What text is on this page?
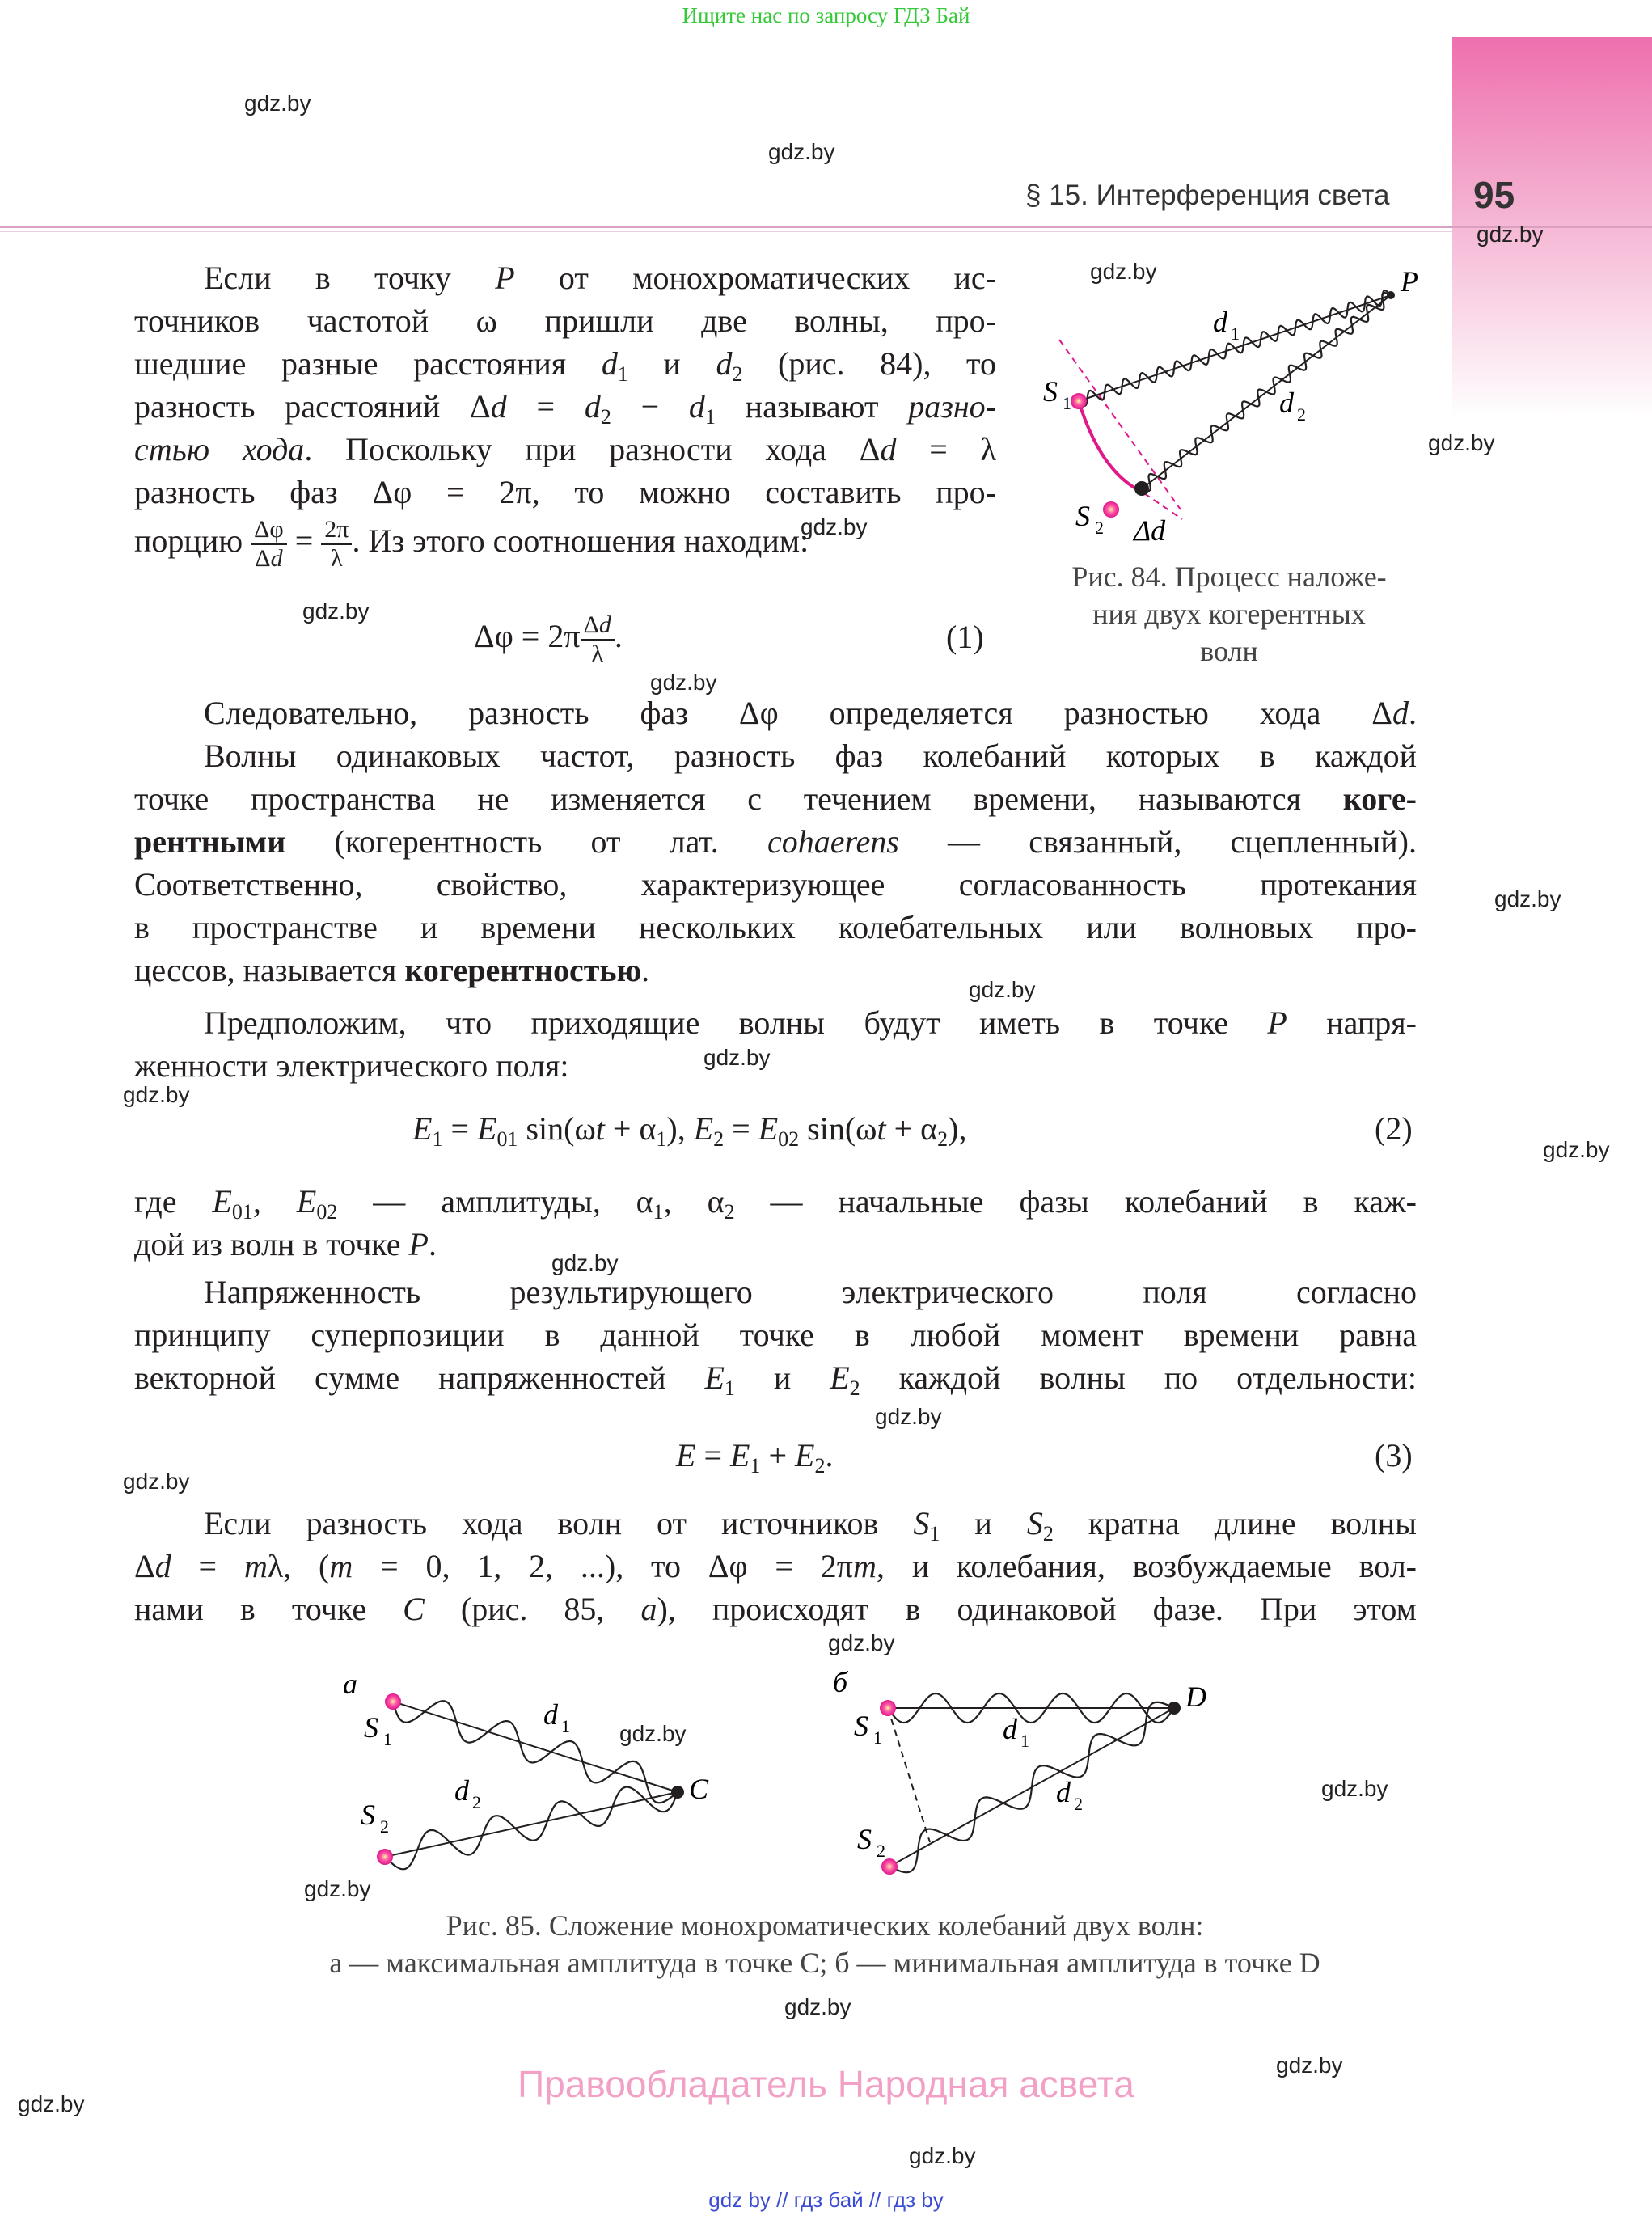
Ищите нас по запросу ГДЗ Бай
§ 15. Интерференция света 95
gdz.by
gdz.by
gdz.by
gdz.by
gdz.by
gdz.by
gdz.by
gdz.by
gdz.by
gdz.by
gdz.by
gdz.by
gdz.by
gdz.by
gdz.by
gdz.by
gdz.by
gdz.by
gdz.by
gdz.by
gdz.by
gdz.by
gdz.by
gdz.by
Если в точку P от монохроматических ис-
точников частотой ω пришли две волны, про-
шедшие разные расстояния $d_1$ и $d_2$ (рис. 84), то
разность расстояний $\Delta d = d_2 - d_1$ называют разно-
стью хода. Поскольку при разности хода Δd = λ
разность фаз Δφ = 2π, то можно составить про-
порцию $\frac{\Delta\varphi}{\Delta d} = \frac{2\pi}{\lambda}$ . Из этого соотношения находим:
$\Delta\varphi = 2\pi \frac{\Delta d}{\lambda}$ .	(1)
P
d 1
d 2
S 1
S 2 Δd
Рис. 84. Процесс наложе-
ния двух когерентных
волн
Следовательно, разность фаз Δφ определяется разностью хода Δd.
Волны одинаковых частот, разность фаз колебаний которых в каждой
точке пространства не изменяется с течением времени, называются коге-
рентными (когерентность от лат. cohaerens — связанный, сцепленный).
Соответственно, свойство, характеризующее согласованность протекания
в пространстве и времени нескольких колебательных или волновых про-
цессов, называется когерентностью.
Предположим, что приходящие волны будут иметь в точке P напря-
женности электрического поля:
$E_1 = E_{01}$ $\sin(\omega t + \alpha_1)$, $E_2 = E_{02}$ $\sin(\omega t + \alpha_2)$,	(2)
где $E_{01}$, $E_{02}$ — амплитуды, $\alpha_1$, $\alpha_2$ — начальные фазы колебаний в каж-
дой из волн в точке P.
Напряженность результирующего электрического поля согласно
принципу суперпозиции в данной точке в любой момент времени равна
векторной сумме напряженностей $E_1$ и $E_2$ каждой волны по отдельности:
$E = E_1 + E_2$.	(3)
Если разность хода волн от источников $S_1$ и $S_2$ кратна длине волны
Δd = mλ, (m = 0, 1, 2, ...), то Δφ = 2πm, и колебания, возбуждаемые вол-
нами в точке C (рис. 85, а), происходят в одинаковой фазе. При этом
а
S 1
S 2
d 1
d 2	C
б
S 1
S 2
d 1
d 2
D
Рис. 85. Сложение монохроматических колебаний двух волн:
а — максимальная амплитуда в точке C; б — минимальная амплитуда в точке D
Правообладатель Народная асвета
gdz by // гдз бай // гдз by
